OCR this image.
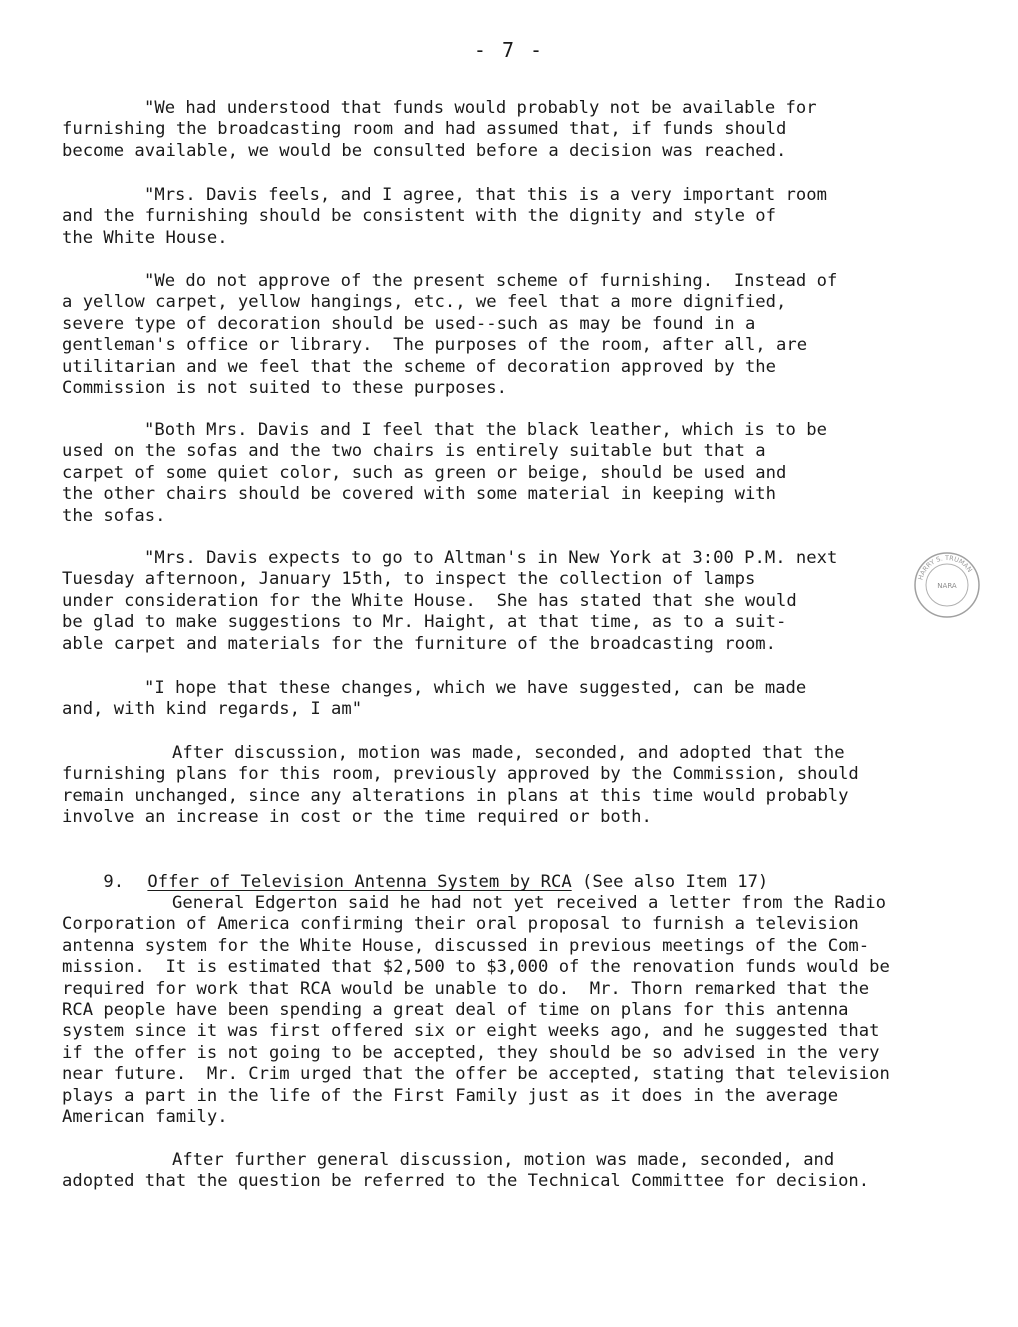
- 7 -
"We had understood that funds would probably not be available for
furnishing the broadcasting room and had assumed that, if funds should
become available, we would be consulted before a decision was reached.
"Mrs. Davis feels, and I agree, that this is a very important room
and the furnishing should be consistent with the dignity and style of
the White House.
"We do not approve of the present scheme of furnishing.  Instead of
a yellow carpet, yellow hangings, etc., we feel that a more dignified,
severe type of decoration should be used--such as may be found in a
gentleman's office or library.  The purposes of the room, after all, are
utilitarian and we feel that the scheme of decoration approved by the
Commission is not suited to these purposes.
"Both Mrs. Davis and I feel that the black leather, which is to be
used on the sofas and the two chairs is entirely suitable but that a
carpet of some quiet color, such as green or beige, should be used and
the other chairs should be covered with some material in keeping with
the sofas.
"Mrs. Davis expects to go to Altman's in New York at 3:00 P.M. next
Tuesday afternoon, January 15th, to inspect the collection of lamps
under consideration for the White House.  She has stated that she would
be glad to make suggestions to Mr. Haight, at that time, as to a suit-
able carpet and materials for the furniture of the broadcasting room.
"I hope that these changes, which we have suggested, can be made
and, with kind regards, I am"
After discussion, motion was made, seconded, and adopted that the
furnishing plans for this room, previously approved by the Commission, should
remain unchanged, since any alterations in plans at this time would probably
involve an increase in cost or the time required or both.

9. Offer of Television Antenna System by RCA (See also Item 17)

General Edgerton said he had not yet received a letter from the Radio
Corporation of America confirming their oral proposal to furnish a television
antenna system for the White House, discussed in previous meetings of the Com-
mission.  It is estimated that $2,500 to $3,000 of the renovation funds would be
required for work that RCA would be unable to do.  Mr. Thorn remarked that the
RCA people have been spending a great deal of time on plans for this antenna
system since it was first offered six or eight weeks ago, and he suggested that
if the offer is not going to be accepted, they should be so advised in the very
near future.  Mr. Crim urged that the offer be accepted, stating that television
plays a part in the life of the First Family just as it does in the average
American family.
After further general discussion, motion was made, seconded, and
adopted that the question be referred to the Technical Committee for decision.
HARRY S. TRUMAN
NARA
